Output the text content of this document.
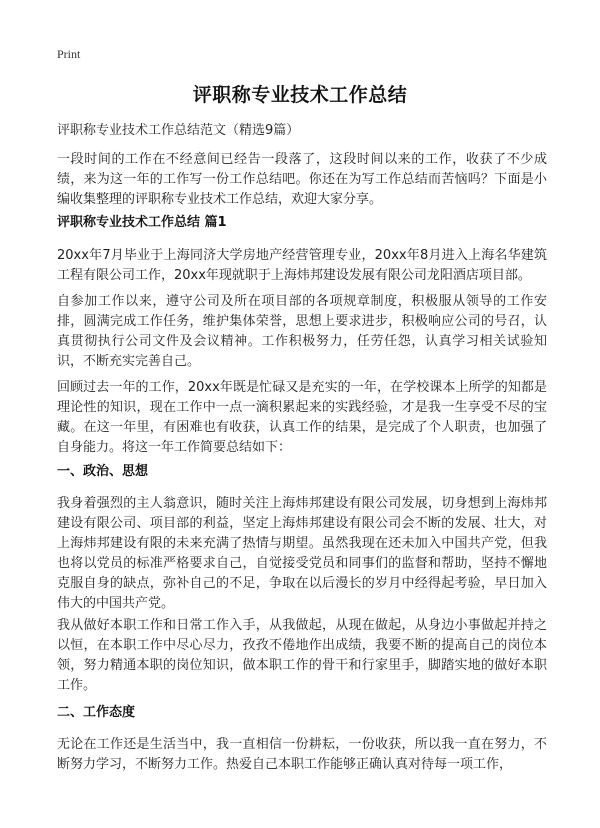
Print
评职称专业技术工作总结
评职称专业技术工作总结范文（精选9篇）

一段时间的工作在不经意间已经告一段落了，这段时间以来的工作，收获了不少成绩，来为这一年的工作写一份工作总结吧。你还在为写工作总结而苦恼吗？下面是小编收集整理的评职称专业技术工作总结，欢迎大家分享。

评职称专业技术工作总结 篇1

20xx年7月毕业于上海同济大学房地产经营管理专业，20xx年8月进入上海名华建筑工程有限公司工作，20xx年现就职于上海炜邦建设发展有限公司龙阳酒店项目部。

自参加工作以来，遵守公司及所在项目部的各项规章制度，积极服从领导的工作安排，圆满完成工作任务，维护集体荣誉，思想上要求进步，积极响应公司的号召，认真贯彻执行公司文件及会议精神。工作积极努力，任劳任怨，认真学习相关试验知识，不断充实完善自己。

回顾过去一年的工作，20xx年既是忙碌又是充实的一年，在学校课本上所学的知都是理论性的知识，现在工作中一点一滴积累起来的实践经验，才是我一生享受不尽的宝藏。在这一年里，有困难也有收获，认真工作的结果，是完成了个人职责，也加强了自身能力。将这一年工作简要总结如下：

一、政治、思想

我身着强烈的主人翁意识，随时关注上海炜邦建设有限公司发展，切身想到上海炜邦建设有限公司、项目部的利益，坚定上海炜邦建设有限公司会不断的发展、壮大，对上海炜邦建设有限的未来充满了热情与期望。虽然我现在还未加入中国共产党，但我也将以党员的标准严格要求自己，自觉接受党员和同事们的监督和帮助，坚持不懈地克服自身的缺点，弥补自己的不足，争取在以后漫长的岁月中经得起考验，早日加入伟大的中国共产党。

我从做好本职工作和日常工作入手，从我做起，从现在做起，从身边小事做起并持之以恒，在本职工作中尽心尽力，孜孜不倦地作出成绩，我要不断的提高自己的岗位本领，努力精通本职的岗位知识，做本职工作的骨干和行家里手，脚踏实地的做好本职工作。

二、工作态度

无论在工作还是生活当中，我一直相信一份耕耘，一份收获，所以我一直在努力，不断努力学习，不断努力工作。热爱自己本职工作能够正确认真对待每一项工作，
